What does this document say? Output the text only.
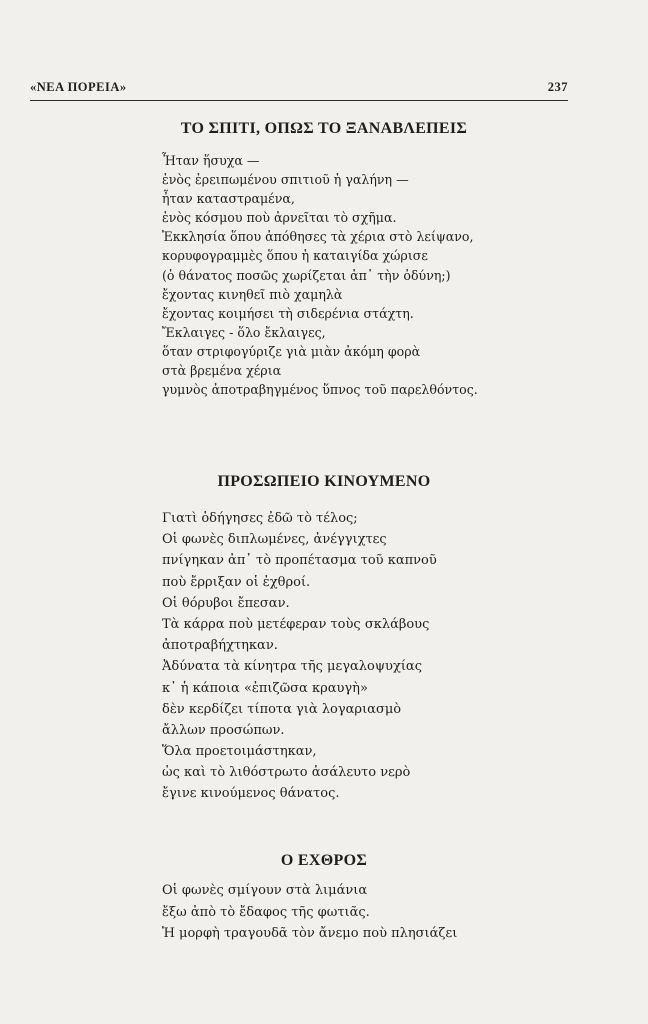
«ΝΕΑ ΠΟΡΕΙΑ»	237
ΤΟ ΣΠΙΤΙ, ΟΠΩΣ ΤΟ ΞΑΝΑΒΛΕΠΕΙΣ
Ἦταν ἥσυχα —
ἑνὸς ἐρειπωμένου σπιτιοῦ ἡ γαλήνη —
ἦταν καταστραμένα,
ἑνὸς κόσμου ποὺ ἀρνεῖται τὸ σχῆμα.
Ἐκκλησία ὅπου ἀπόθησες τὰ χέρια στὸ λείψανο,
κορυφογραμμὲς ὅπου ἡ καταιγίδα χώρισε
(ὁ θάνατος ποσῶς χωρίζεται ἀπ᾽ τὴν ὀδύνη;)
ἔχοντας κινηθεῖ πιὸ χαμηλὰ
ἔχοντας κοιμήσει τὴ σιδερένια στάχτη.
Ἔκλαιγες - ὅλο ἔκλαιγες,
ὅταν στριφογύριζε γιὰ μιὰν ἀκόμη φορὰ
στὰ βρεμένα χέρια
γυμνὸς ἀποτραβηγμένος ὕπνος τοῦ παρελθόντος.
ΠΡΟΣΩΠΕΙΟ ΚΙΝΟΥΜΕΝΟ
Γιατὶ ὁδήγησες ἐδῶ τὸ τέλος;
Οἱ φωνὲς διπλωμένες, ἀνέγγιχτες
πνίγηκαν ἀπ᾽ τὸ προπέτασμα τοῦ καπνοῦ
ποὺ ἔρριξαν οἱ ἐχθροί.
Οἱ θόρυβοι ἔπεσαν.
Τὰ κάρρα ποὺ μετέφεραν τοὺς σκλάβους
ἀποτραβήχτηκαν.
Ἀδύνατα τὰ κίνητρα τῆς μεγαλοψυχίας
κ᾽ ἡ κάποια «ἐπιζῶσα κραυγὴ»
δὲν κερδίζει τίποτα γιὰ λογαριασμὸ
ἄλλων προσώπων.
Ὅλα προετοιμάστηκαν,
ὡς καὶ τὸ λιθόστρωτο ἀσάλευτο νερὸ
ἔγινε κινούμενος θάνατος.
Ο ΕΧΘΡΟΣ
Οἱ φωνὲς σμίγουν στὰ λιμάνια
ἔξω ἀπὸ τὸ ἔδαφος τῆς φωτιᾶς.
Ἡ μορφὴ τραγουδᾶ τὸν ἄνεμο ποὺ πλησιάζει
